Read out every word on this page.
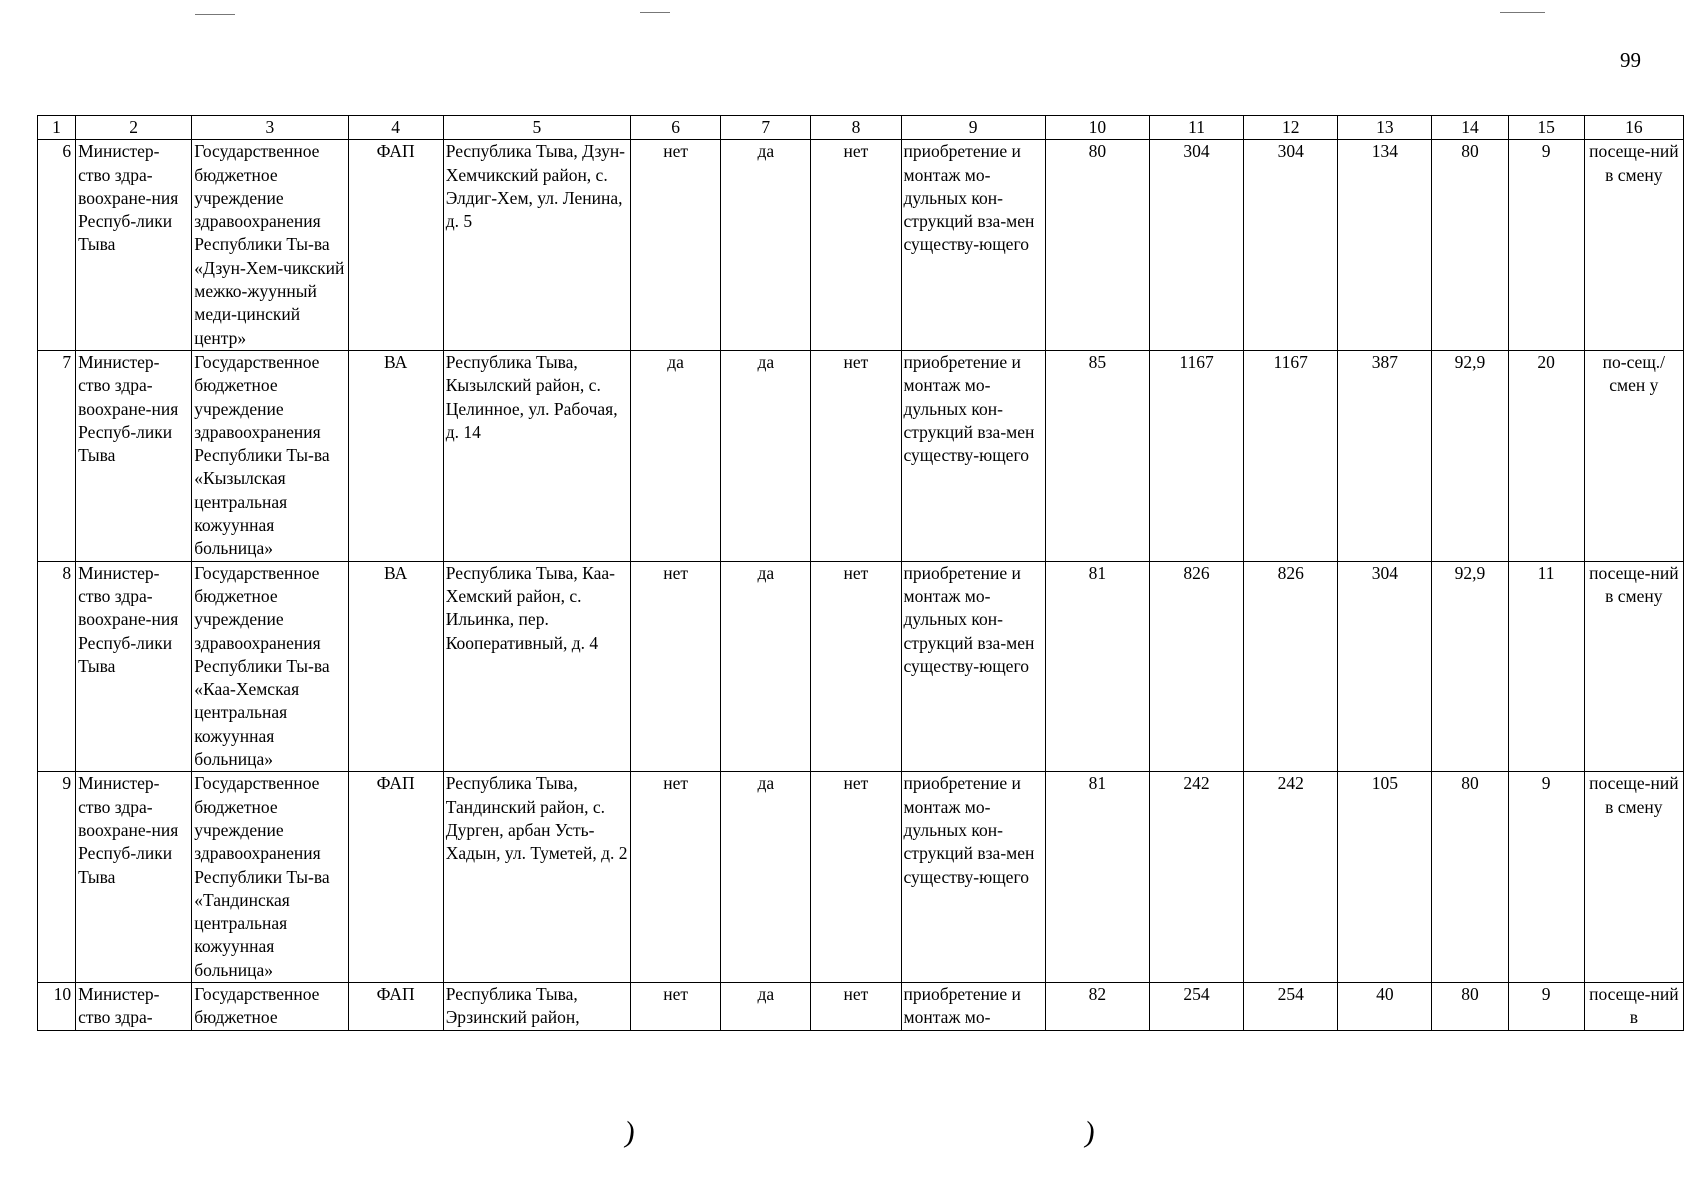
99
1	2	3	4	5	6	7	8	9	10	11	12	13	14	15	16
6	Министер-ство здра-воохране-ния Респуб-лики Тыва	Государственное бюджетное учреждение здравоохранения Республики Ты-ва «Дзун-Хем-чикский межко-жуунный меди-цинский центр»	ФАП	Республика Тыва, Дзун-Хемчикский район, с. Элдиг-Хем, ул. Ленина, д. 5	нет	да	нет	приобретение и монтаж мо-дульных кон-струкций вза-мен существу-ющего	80	304	304	134	80	9	посеще-ний в смену
7	Министер-ство здра-воохране-ния Респуб-лики Тыва	Государственное бюджетное учреждение здравоохранения Республики Ты-ва «Кызылская центральная кожуунная больница»	ВА	Республика Тыва, Кызылский район, с. Целинное, ул. Рабочая, д. 14	да	да	нет	приобретение и монтаж мо-дульных кон-струкций вза-мен существу-ющего	85	1167	1167	387	92,9	20	по-сещ./смен у
8	Министер-ство здра-воохране-ния Респуб-лики Тыва	Государственное бюджетное учреждение здравоохранения Республики Ты-ва «Каа-Хемская центральная кожуунная больница»	ВА	Республика Тыва, Каа-Хемский район, с. Ильинка, пер. Кооперативный, д. 4	нет	да	нет	приобретение и монтаж мо-дульных кон-струкций вза-мен существу-ющего	81	826	826	304	92,9	11	посеще-ний в смену
9	Министер-ство здра-воохране-ния Респуб-лики Тыва	Государственное бюджетное учреждение здравоохранения Республики Ты-ва «Тандинская центральная кожуунная больница»	ФАП	Республика Тыва, Тандинский район, с. Дурген, арбан Усть-Хадын, ул. Туметей, д. 2	нет	да	нет	приобретение и монтаж мо-дульных кон-струкций вза-мен существу-ющего	81	242	242	105	80	9	посеще-ний в смену
10	Министер-ство здра-	Государственное бюджетное	ФАП	Республика Тыва, Эрзинский район,	нет	да	нет	приобретение и монтаж мо-	82	254	254	40	80	9	посеще-ний в
)	)
